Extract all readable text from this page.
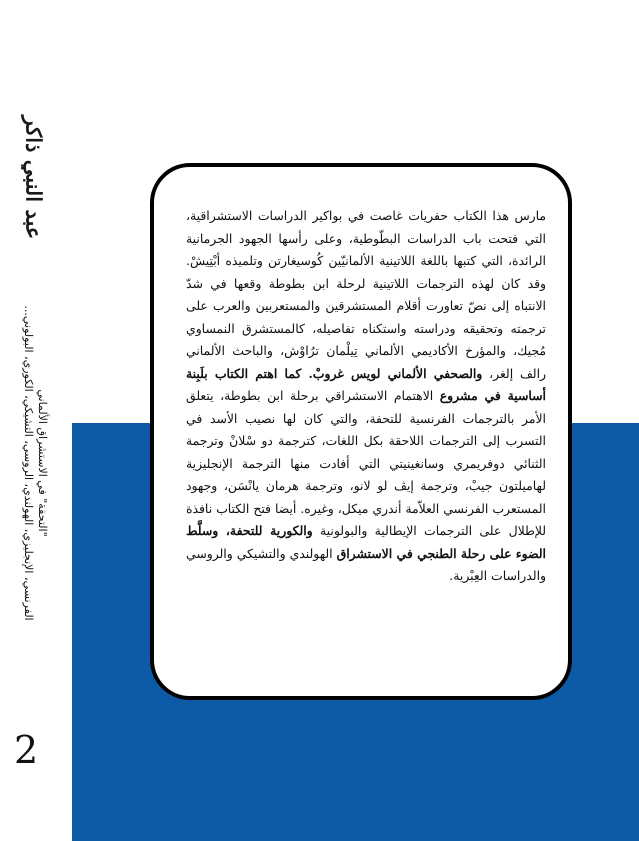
عبد النبي ذاكر
"التحفة" في الاستشراق الألماني
الفرنسي، الإنجليزي، الهولندي، الروسي، التشيكي، الكوري، البولوني...
2
مارس هذا الكتاب حفريات غاصت في بواكير الدراسات الاستشراقية، التي فتحت باب الدراسات البطّوطية، وعلى رأسها الجهود الجرمانية الرائدة، التي كتبها باللغة اللاتينية الألمانيّين كُوسيغارتن وتلميذه أبْتِيشْ. وقد كان لهذه الترجمات اللاتينية لرحلة ابن بطوطة وقعها في شدّ الانتباه إلى نصّ تعاورت أقلام المستشرقين والمستعربين والعرب على ترجمته وتحقيقه ودراسته واستكناه تفاصيله، كالمستشرق النمساوي مُجيك، والمؤرخ الأكاديمي الألماني تِيلْمان ترُاوْش، والباحث الألماني رالف إلغر، والصحفي الألماني لويس غروبْ. كما اهتم الكتاب بلَبِنة أساسية في مشروع الاهتمام الاستشراقي برحلة ابن بطوطة، يتعلق الأمر بالترجمات الفرنسية للتحفة، والتي كان لها نصيب الأسد في التسرب إلى الترجمات اللاحقة بكل اللغات، كترجمة دو سْلانْ وترجمة الثنائي دوفريمري وسانغينيتي التي أفادت منها الترجمة الإنجليزية لهاميلتون جيبْ، وترجمة إيڤ لو لانو، وترجمة هرمان يانْسَن، وجهود المستعرب الفرنسي العلاّمة أندري ميكل، وغيره. أيضا فتح الكتاب نافذة للإطلال على الترجمات الإيطالية والبولونية والكورية للتحفة، وسلَّط الضوء على رحلة الطنجي في الاستشراق الهولندي والتشيكي والروسي والدراسات العِبْرية.
